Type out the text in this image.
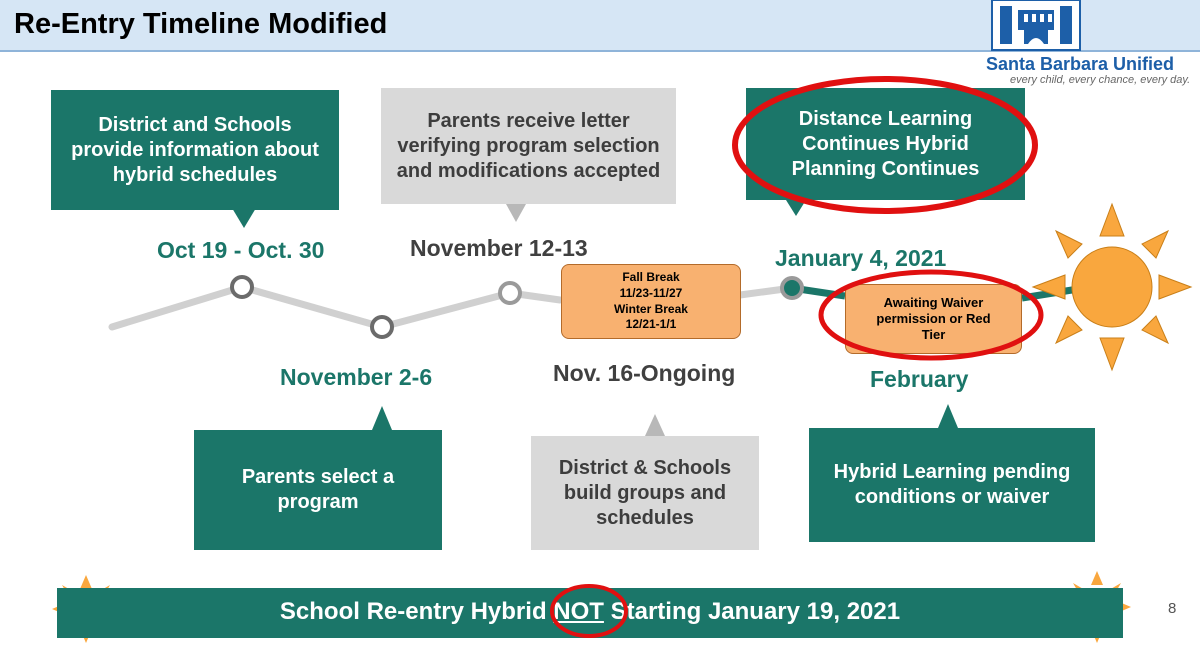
Re-Entry Timeline Modified
Santa Barbara Unified
every child, every chance, every day.
District and Schools provide information about hybrid schedules
Parents receive letter verifying program selection and modifications accepted
Distance Learning Continues Hybrid Planning Continues
Oct 19 - Oct. 30	November 12-13	January 4, 2021
November 2-6	Nov. 16-Ongoing	February
Fall Break
11/23-11/27
Winter Break
12/21-1/1
Awaiting Waiver permission or Red Tier
Parents select a program
District & Schools build groups and schedules
Hybrid Learning pending conditions or waiver
School Re-entry Hybrid NOT Starting January 19, 2021	8
